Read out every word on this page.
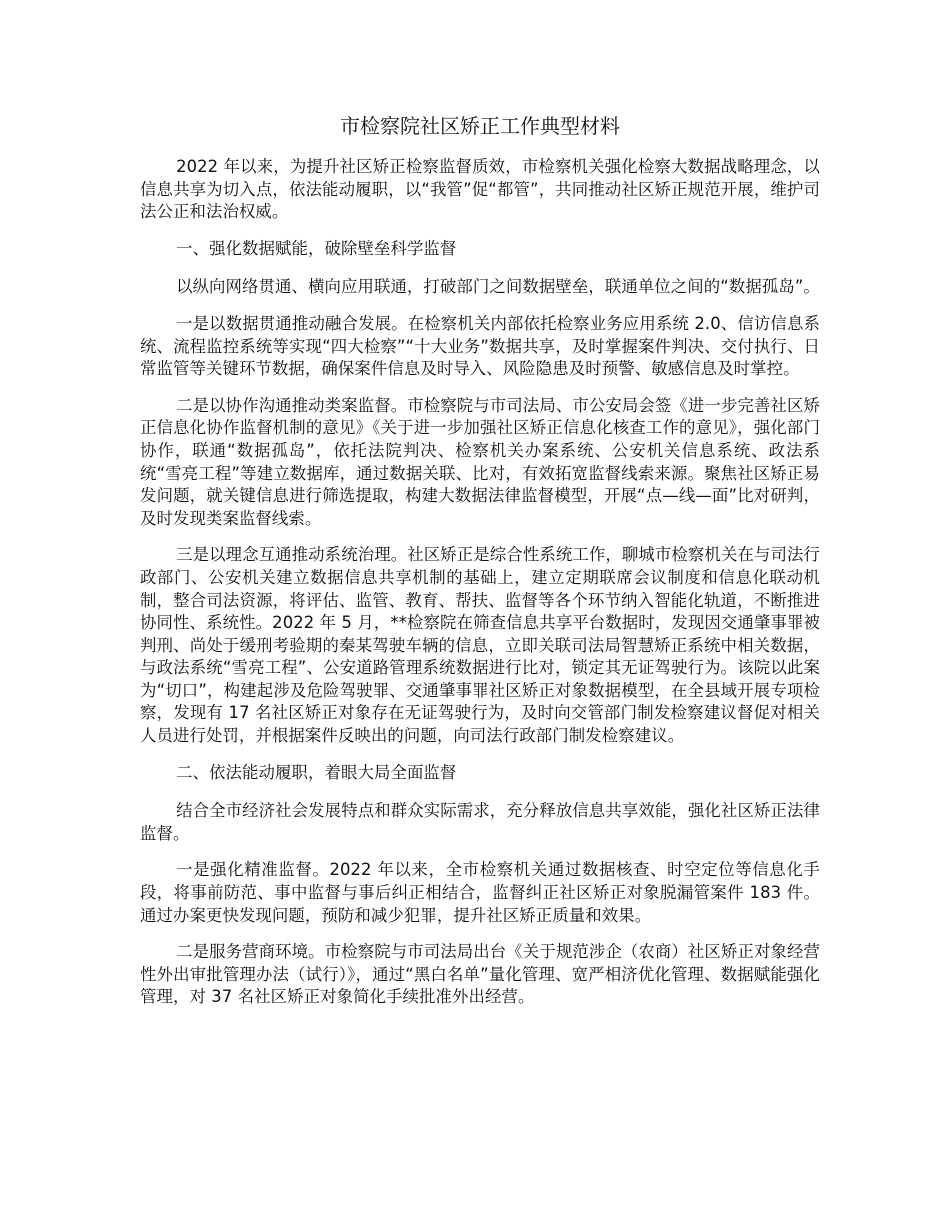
市检察院社区矫正工作典型材料

2022 年以来，为提升社区矫正检察监督质效，市检察机关强化检察大数据战略理念，以信息共享为切入点，依法能动履职，以“我管”促“都管”，共同推动社区矫正规范开展，维护司法公正和法治权威。

一、强化数据赋能，破除壁垒科学监督

以纵向网络贯通、横向应用联通，打破部门之间数据壁垒，联通单位之间的“数据孤岛”。

一是以数据贯通推动融合发展。在检察机关内部依托检察业务应用系统 2.0、信访信息系统、流程监控系统等实现“四大检察”“十大业务”数据共享，及时掌握案件判决、交付执行、日常监管等关键环节数据，确保案件信息及时导入、风险隐患及时预警、敏感信息及时掌控。

二是以协作沟通推动类案监督。市检察院与市司法局、市公安局会签《进一步完善社区矫正信息化协作监督机制的意见》《关于进一步加强社区矫正信息化核查工作的意见》，强化部门协作，联通“数据孤岛”，依托法院判决、检察机关办案系统、公安机关信息系统、政法系统“雪亮工程”等建立数据库，通过数据关联、比对，有效拓宽监督线索来源。聚焦社区矫正易发问题，就关键信息进行筛选提取，构建大数据法律监督模型，开展“点—线—面”比对研判，及时发现类案监督线索。

三是以理念互通推动系统治理。社区矫正是综合性系统工作，聊城市检察机关在与司法行政部门、公安机关建立数据信息共享机制的基础上，建立定期联席会议制度和信息化联动机制，整合司法资源，将评估、监管、教育、帮扶、监督等各个环节纳入智能化轨道，不断推进协同性、系统性。2022 年 5 月，**检察院在筛查信息共享平台数据时，发现因交通肇事罪被判刑、尚处于缓刑考验期的秦某驾驶车辆的信息，立即关联司法局智慧矫正系统中相关数据，与政法系统“雪亮工程”、公安道路管理系统数据进行比对，锁定其无证驾驶行为。该院以此案为“切口”，构建起涉及危险驾驶罪、交通肇事罪社区矫正对象数据模型，在全县域开展专项检察，发现有 17 名社区矫正对象存在无证驾驶行为，及时向交管部门制发检察建议督促对相关人员进行处罚，并根据案件反映出的问题，向司法行政部门制发检察建议。

二、依法能动履职，着眼大局全面监督

结合全市经济社会发展特点和群众实际需求，充分释放信息共享效能，强化社区矫正法律监督。

一是强化精准监督。2022 年以来，全市检察机关通过数据核查、时空定位等信息化手段，将事前防范、事中监督与事后纠正相结合，监督纠正社区矫正对象脱漏管案件 183 件。通过办案更快发现问题，预防和减少犯罪，提升社区矫正质量和效果。

二是服务营商环境。市检察院与市司法局出台《关于规范涉企（农商）社区矫正对象经营性外出审批管理办法（试行）》，通过“黑白名单”量化管理、宽严相济优化管理、数据赋能强化管理，对 37 名社区矫正对象简化手续批准外出经营。
